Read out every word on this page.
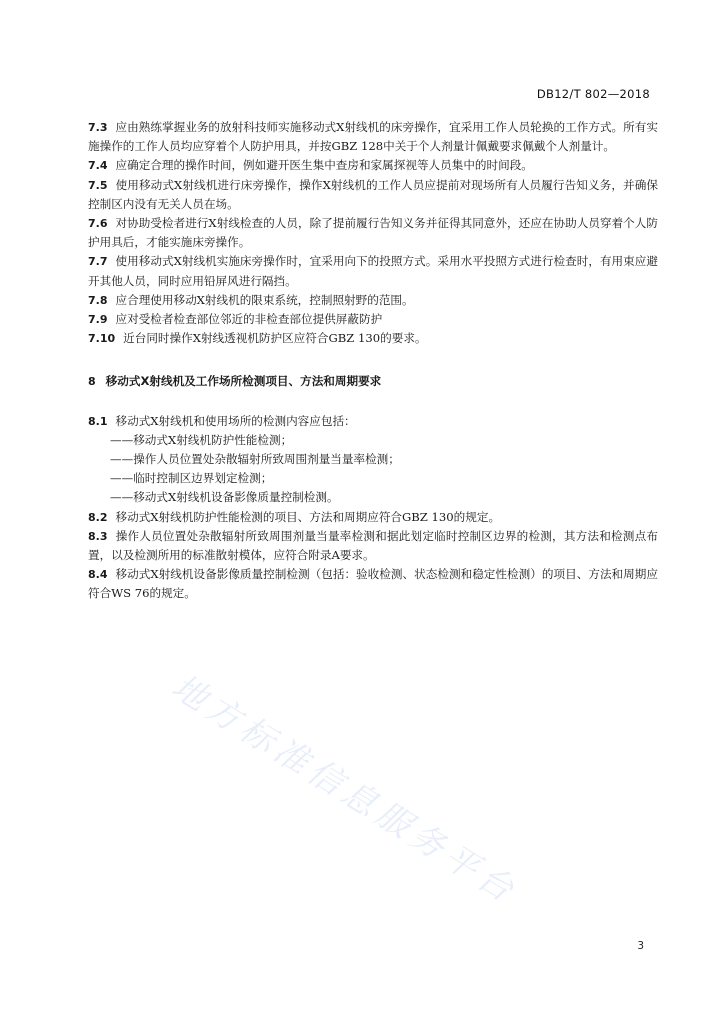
DB12/T 802—2018

7.3 应由熟练掌握业务的放射科技师实施移动式X射线机的床旁操作，宜采用工作人员轮换的工作方式。所有实施操作的工作人员均应穿着个人防护用具，并按GBZ 128中关于个人剂量计佩戴要求佩戴个人剂量计。

7.4 应确定合理的操作时间，例如避开医生集中查房和家属探视等人员集中的时间段。

7.5 使用移动式X射线机进行床旁操作，操作X射线机的工作人员应提前对现场所有人员履行告知义务，并确保控制区内没有无关人员在场。

7.6 对协助受检者进行X射线检查的人员，除了提前履行告知义务并征得其同意外，还应在协助人员穿着个人防护用具后，才能实施床旁操作。

7.7 使用移动式X射线机实施床旁操作时，宜采用向下的投照方式。采用水平投照方式进行检查时，有用束应避开其他人员，同时应用铅屏风进行隔挡。

7.8 应合理使用移动X射线机的限束系统，控制照射野的范围。

7.9 应对受检者检查部位邻近的非检查部位提供屏蔽防护

7.10 近台同时操作X射线透视机防护区应符合GBZ 130的要求。

8 移动式X射线机及工作场所检测项目、方法和周期要求

8.1 移动式X射线机和使用场所的检测内容应包括：

——移动式X射线机防护性能检测；

——操作人员位置处杂散辐射所致周围剂量当量率检测；

——临时控制区边界划定检测；

——移动式X射线机设备影像质量控制检测。

8.2 移动式X射线机防护性能检测的项目、方法和周期应符合GBZ 130的规定。

8.3 操作人员位置处杂散辐射所致周围剂量当量率检测和据此划定临时控制区边界的检测，其方法和检测点布置，以及检测所用的标准散射模体，应符合附录A要求。

8.4 移动式X射线机设备影像质量控制检测（包括：验收检测、状态检测和稳定性检测）的项目、方法和周期应符合WS 76的规定。

地方标准信息服务平台
3
